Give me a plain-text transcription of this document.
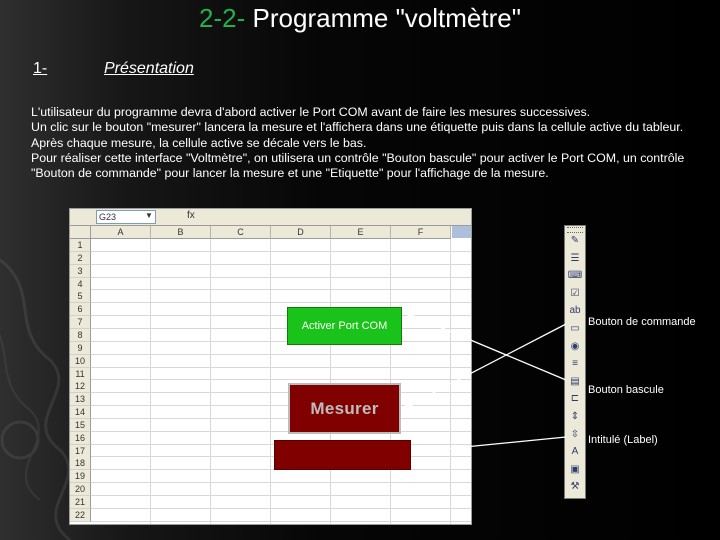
2-2- Programme "voltmètre"
1-	Présentation

L'utilisateur du programme devra d'abord activer le Port COM avant de faire les mesures successives.

Un clic sur le bouton "mesurer" lancera la mesure et l'affichera dans une étiquette puis dans la cellule active du tableur. Après chaque mesure, la cellule active se décale vers le bas.

Pour réaliser cette interface "Voltmètre", on utilisera un contrôle "Bouton bascule" pour activer le Port COM, un contrôle "Bouton de commande" pour lancer la mesure et une "Etiquette" pour l'affichage de la mesure.

G23	▼	fx
A	B	C	D	E	F
1
2
3
4
5
6
7
8
9
10
11
12
13
14
15
16
17
18
19
20
21
22
Activer Port COM
Mesurer
✎
☰
⌨
☑
ab
▭
◉
≡
▤
⊏
⇕
⇳
A
▣
⚒
Bouton de commande
Bouton bascule
Intitulé (Label)
